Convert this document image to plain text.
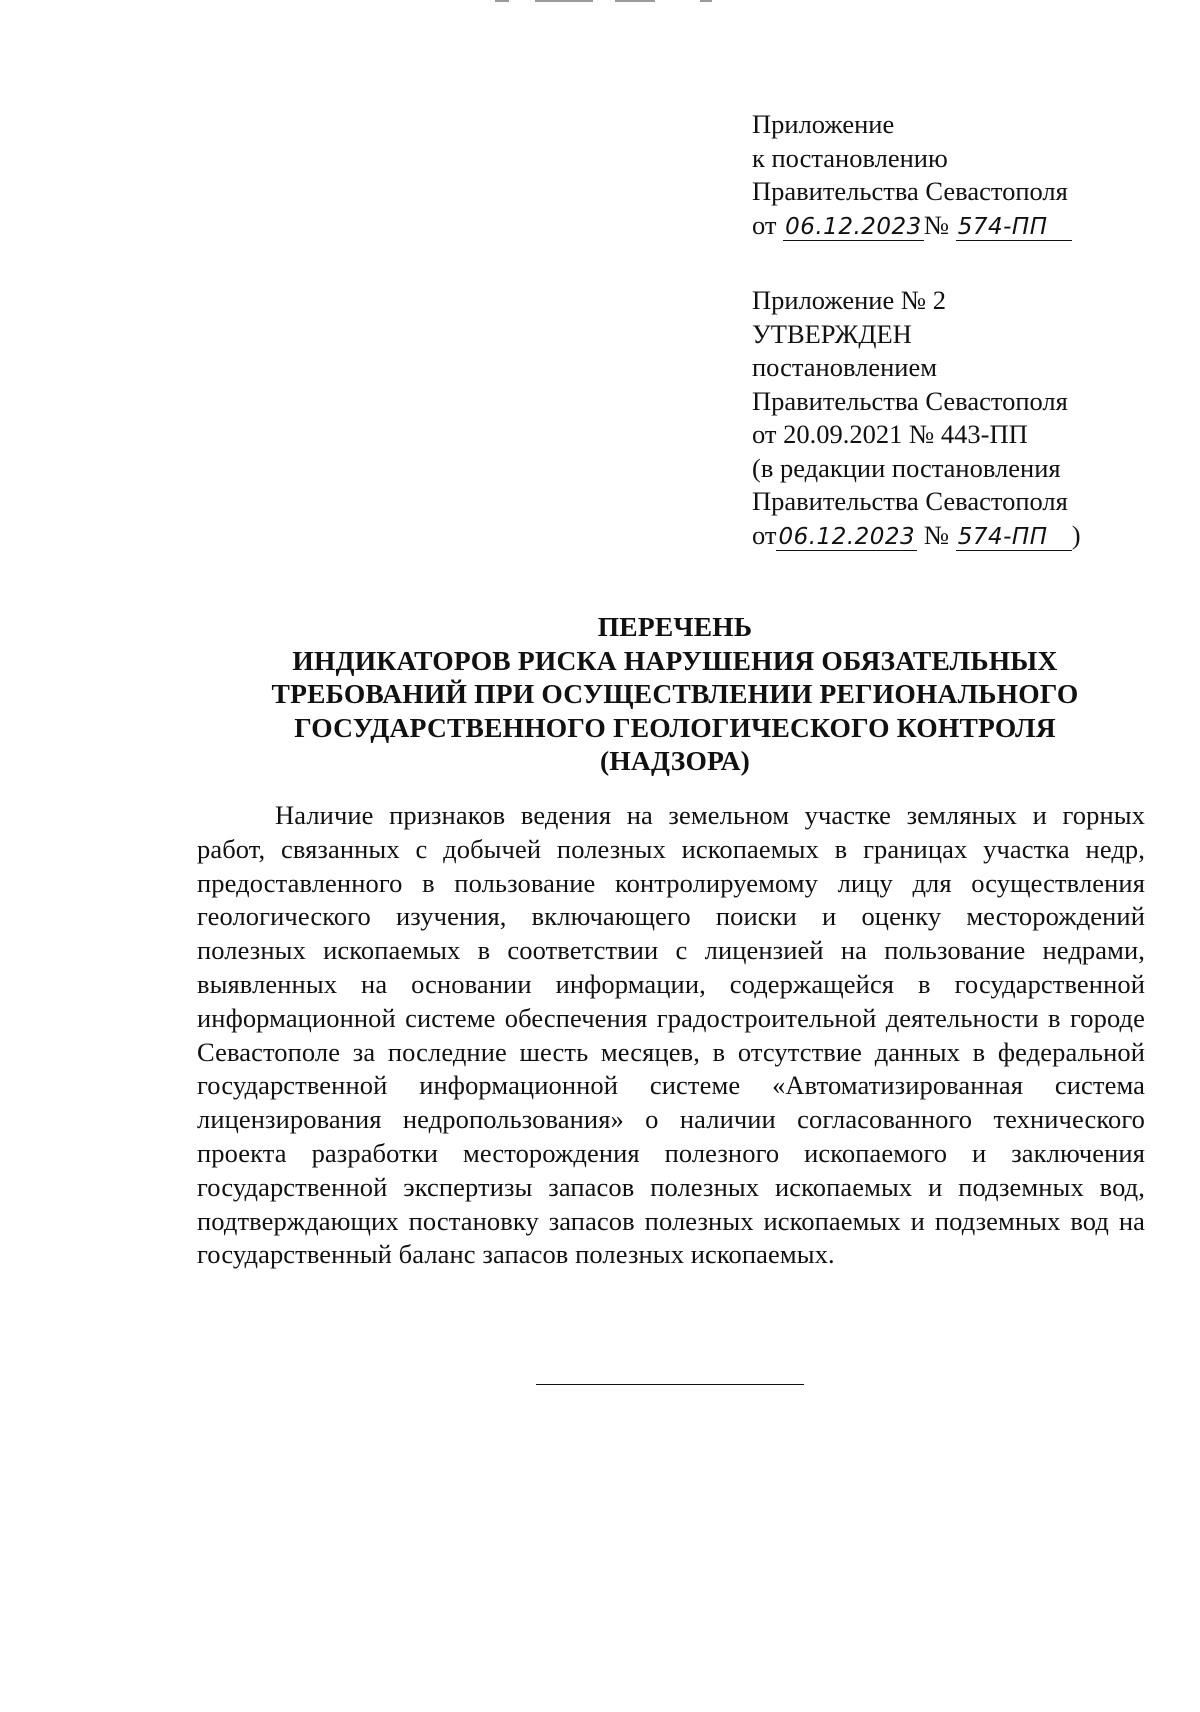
Приложение
к постановлению
Правительства Севастополя
от 06.12.2023№ 574-ПП
Приложение № 2
УТВЕРЖДЕН
постановлением
Правительства Севастополя
от 20.09.2021 № 443-ПП
(в редакции постановления
Правительства Севастополя
от06.12.2023 № 574-ПП )
ПЕРЕЧЕНЬ
ИНДИКАТОРОВ РИСКА НАРУШЕНИЯ ОБЯЗАТЕЛЬНЫХ
ТРЕБОВАНИЙ ПРИ ОСУЩЕСТВЛЕНИИ РЕГИОНАЛЬНОГО
ГОСУДАРСТВЕННОГО ГЕОЛОГИЧЕСКОГО КОНТРОЛЯ
(НАДЗОРА)
Наличие признаков ведения на земельном участке земляных и горных работ, связанных с добычей полезных ископаемых в границах участка недр, предоставленного в пользование контролируемому лицу для осуществления геологического изучения, включающего поиски и оценку месторождений полезных ископаемых в соответствии с лицензией на пользование недрами, выявленных на основании информации, содержащейся в государственной информационной системе обеспечения градостроительной деятельности в городе Севастополе за последние шесть месяцев, в отсутствие данных в федеральной государственной информационной системе «Автоматизированная система лицензирования недропользования» о наличии согласованного технического проекта разработки месторождения полезного ископаемого и заключения государственной экспертизы запасов полезных ископаемых и подземных вод, подтверждающих постановку запасов полезных ископаемых и подземных вод на государственный баланс запасов полезных ископаемых.
